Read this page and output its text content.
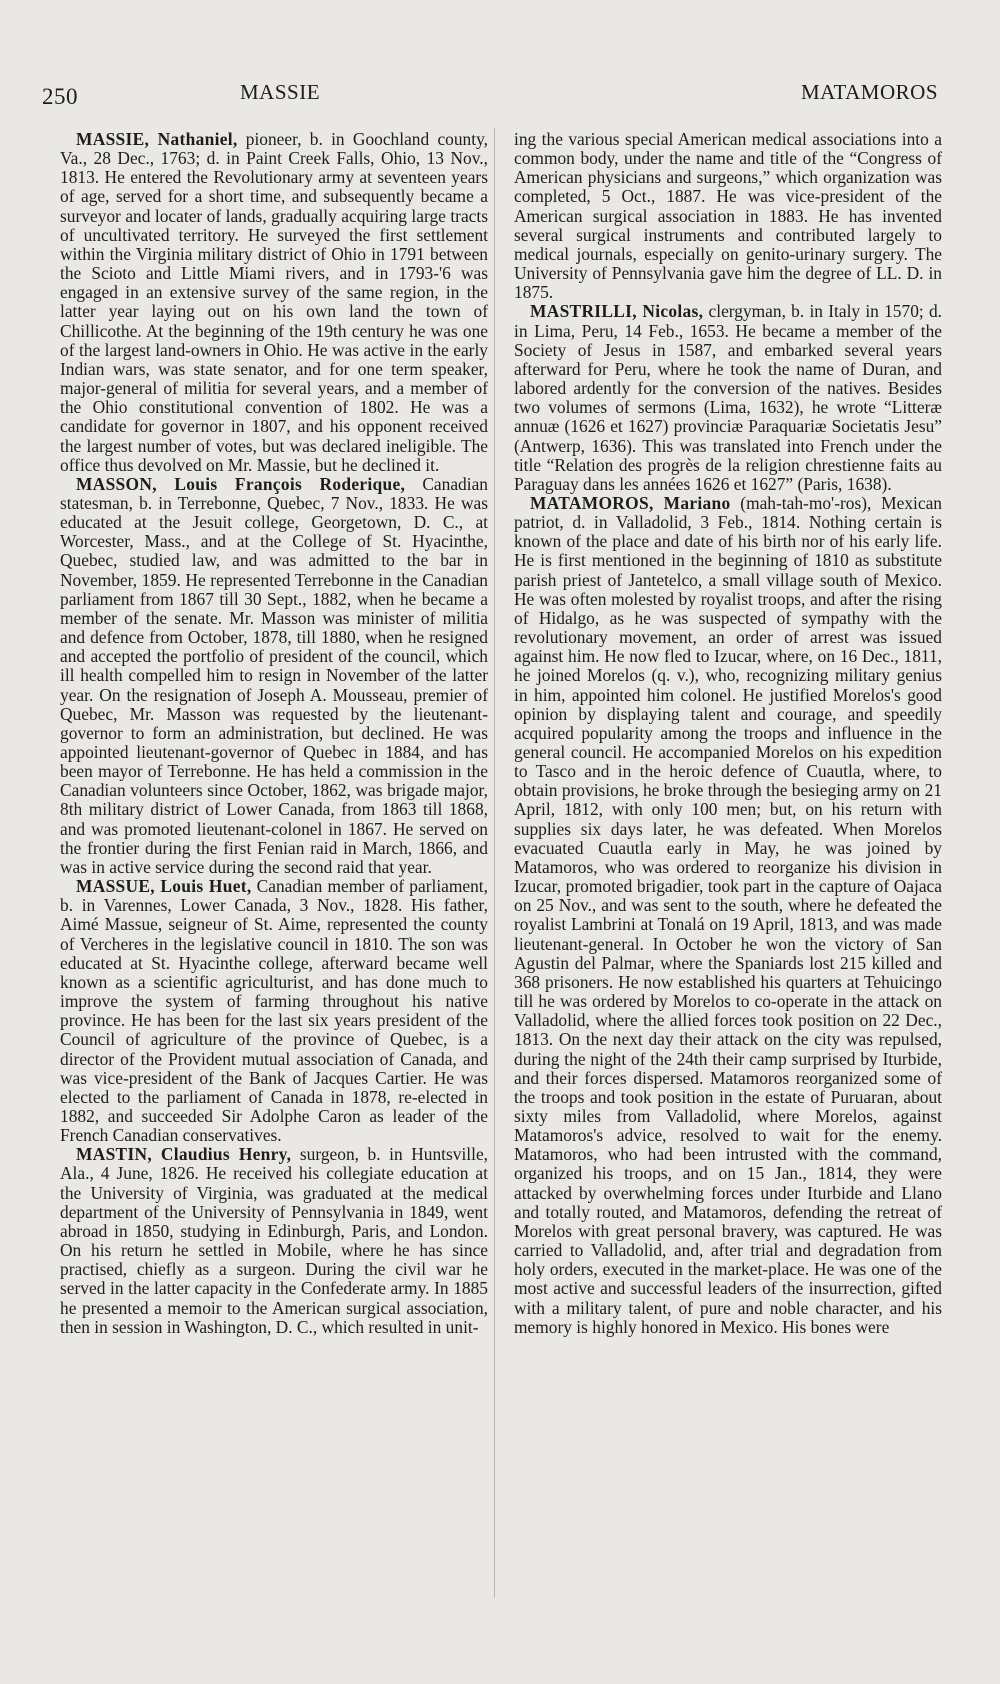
250	MASSIE	MATAMOROS

MASSIE, Nathaniel, pioneer, b. in Goochland county, Va., 28 Dec., 1763; d. in Paint Creek Falls, Ohio, 13 Nov., 1813. He entered the Revolutionary army at seventeen years of age, served for a short time, and subsequently became a surveyor and locater of lands, gradually acquiring large tracts of uncultivated territory. He surveyed the first settlement within the Virginia military district of Ohio in 1791 between the Scioto and Little Miami rivers, and in 1793-'6 was engaged in an extensive survey of the same region, in the latter year laying out on his own land the town of Chillicothe. At the beginning of the 19th century he was one of the largest land-owners in Ohio. He was active in the early Indian wars, was state senator, and for one term speaker, major-general of militia for several years, and a member of the Ohio constitutional convention of 1802. He was a candidate for governor in 1807, and his opponent received the largest number of votes, but was declared ineligible. The office thus devolved on Mr. Massie, but he declined it.

MASSON, Louis François Roderique, Canadian statesman, b. in Terrebonne, Quebec, 7 Nov., 1833. He was educated at the Jesuit college, Georgetown, D. C., at Worcester, Mass., and at the College of St. Hyacinthe, Quebec, studied law, and was admitted to the bar in November, 1859. He represented Terrebonne in the Canadian parliament from 1867 till 30 Sept., 1882, when he became a member of the senate. Mr. Masson was minister of militia and defence from October, 1878, till 1880, when he resigned and accepted the portfolio of president of the council, which ill health compelled him to resign in November of the latter year. On the resignation of Joseph A. Mousseau, premier of Quebec, Mr. Masson was requested by the lieutenant-governor to form an administration, but declined. He was appointed lieutenant-governor of Quebec in 1884, and has been mayor of Terrebonne. He has held a commission in the Canadian volunteers since October, 1862, was brigade major, 8th military district of Lower Canada, from 1863 till 1868, and was promoted lieutenant-colonel in 1867. He served on the frontier during the first Fenian raid in March, 1866, and was in active service during the second raid that year.

MASSUE, Louis Huet, Canadian member of parliament, b. in Varennes, Lower Canada, 3 Nov., 1828. His father, Aimé Massue, seigneur of St. Aime, represented the county of Vercheres in the legislative council in 1810. The son was educated at St. Hyacinthe college, afterward became well known as a scientific agriculturist, and has done much to improve the system of farming throughout his native province. He has been for the last six years president of the Council of agriculture of the province of Quebec, is a director of the Provident mutual association of Canada, and was vice-president of the Bank of Jacques Cartier. He was elected to the parliament of Canada in 1878, re-elected in 1882, and succeeded Sir Adolphe Caron as leader of the French Canadian conservatives.

MASTIN, Claudius Henry, surgeon, b. in Huntsville, Ala., 4 June, 1826. He received his collegiate education at the University of Virginia, was graduated at the medical department of the University of Pennsylvania in 1849, went abroad in 1850, studying in Edinburgh, Paris, and London. On his return he settled in Mobile, where he has since practised, chiefly as a surgeon. During the civil war he served in the latter capacity in the Confederate army. In 1885 he presented a memoir to the American surgical association, then in session in Washington, D. C., which resulted in unit-

ing the various special American medical associations into a common body, under the name and title of the “Congress of American physicians and surgeons,” which organization was completed, 5 Oct., 1887. He was vice-president of the American surgical association in 1883. He has invented several surgical instruments and contributed largely to medical journals, especially on genito-urinary surgery. The University of Pennsylvania gave him the degree of LL. D. in 1875.

MASTRILLI, Nicolas, clergyman, b. in Italy in 1570; d. in Lima, Peru, 14 Feb., 1653. He became a member of the Society of Jesus in 1587, and embarked several years afterward for Peru, where he took the name of Duran, and labored ardently for the conversion of the natives. Besides two volumes of sermons (Lima, 1632), he wrote “Litteræ annuæ (1626 et 1627) provinciæ Paraquariæ Societatis Jesu” (Antwerp, 1636). This was translated into French under the title “Relation des progrès de la religion chrestienne faits au Paraguay dans les années 1626 et 1627” (Paris, 1638).

MATAMOROS, Mariano (mah-tah-mo'-ros), Mexican patriot, d. in Valladolid, 3 Feb., 1814. Nothing certain is known of the place and date of his birth nor of his early life. He is first mentioned in the beginning of 1810 as substitute parish priest of Jantetelco, a small village south of Mexico. He was often molested by royalist troops, and after the rising of Hidalgo, as he was suspected of sympathy with the revolutionary movement, an order of arrest was issued against him. He now fled to Izucar, where, on 16 Dec., 1811, he joined Morelos (q. v.), who, recognizing military genius in him, appointed him colonel. He justified Morelos's good opinion by displaying talent and courage, and speedily acquired popularity among the troops and influence in the general council. He accompanied Morelos on his expedition to Tasco and in the heroic defence of Cuautla, where, to obtain provisions, he broke through the besieging army on 21 April, 1812, with only 100 men; but, on his return with supplies six days later, he was defeated. When Morelos evacuated Cuautla early in May, he was joined by Matamoros, who was ordered to reorganize his division in Izucar, promoted brigadier, took part in the capture of Oajaca on 25 Nov., and was sent to the south, where he defeated the royalist Lambrini at Tonalá on 19 April, 1813, and was made lieutenant-general. In October he won the victory of San Agustin del Palmar, where the Spaniards lost 215 killed and 368 prisoners. He now established his quarters at Tehuicingo till he was ordered by Morelos to co-operate in the attack on Valladolid, where the allied forces took position on 22 Dec., 1813. On the next day their attack on the city was repulsed, during the night of the 24th their camp surprised by Iturbide, and their forces dispersed. Matamoros reorganized some of the troops and took position in the estate of Puruaran, about sixty miles from Valladolid, where Morelos, against Matamoros's advice, resolved to wait for the enemy. Matamoros, who had been intrusted with the command, organized his troops, and on 15 Jan., 1814, they were attacked by overwhelming forces under Iturbide and Llano and totally routed, and Matamoros, defending the retreat of Morelos with great personal bravery, was captured. He was carried to Valladolid, and, after trial and degradation from holy orders, executed in the market-place. He was one of the most active and successful leaders of the insurrection, gifted with a military talent, of pure and noble character, and his memory is highly honored in Mexico. His bones were
